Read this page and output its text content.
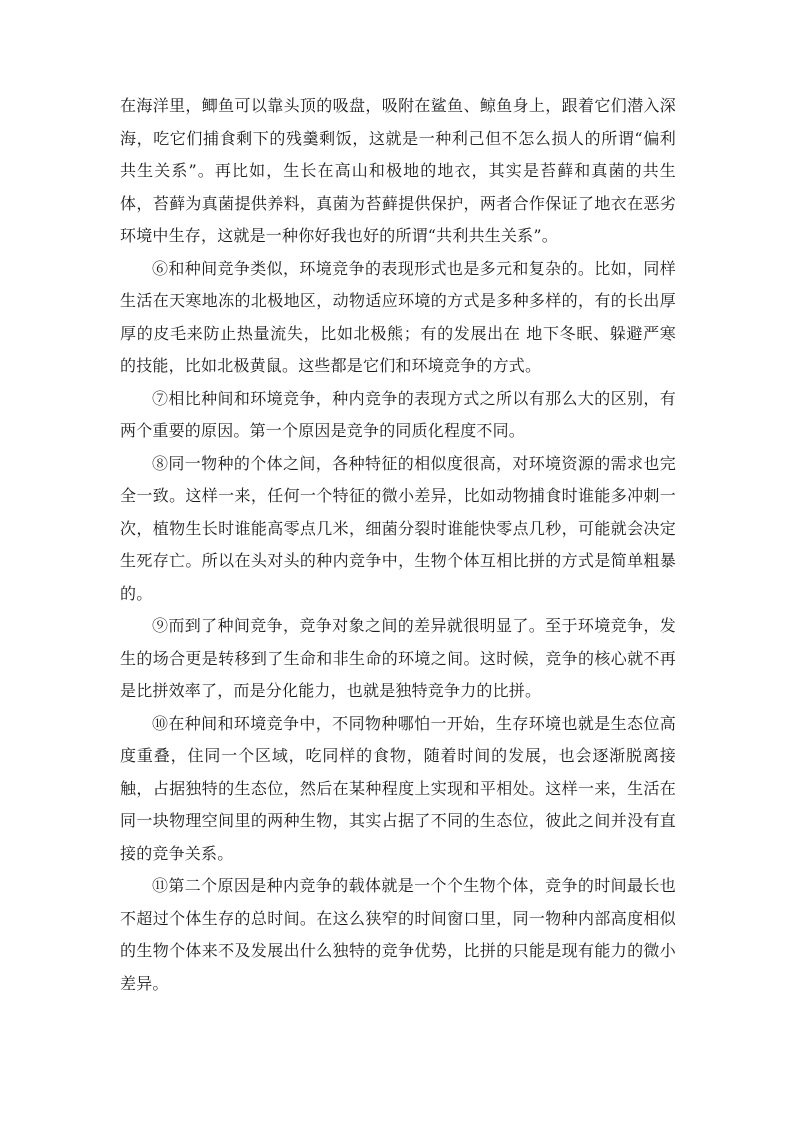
在海洋里，鲫鱼可以靠头顶的吸盘，吸附在鲨鱼、鲸鱼身上，跟着它们潜入深海，吃它们捕食剩下的残羹剩饭，这就是一种利己但不怎么损人的所谓“偏利共生关系”。再比如，生长在高山和极地的地衣，其实是苔藓和真菌的共生体，苔藓为真菌提供养料，真菌为苔藓提供保护，两者合作保证了地衣在恶劣环境中生存，这就是一种你好我也好的所谓“共利共生关系”。

⑥和种间竞争类似，环境竞争的表现形式也是多元和复杂的。比如，同样生活在天寒地冻的北极地区，动物适应环境的方式是多种多样的，有的长出厚厚的皮毛来防止热量流失，比如北极熊；有的发展出在 地下冬眠、躲避严寒的技能，比如北极黄鼠。这些都是它们和环境竞争的方式。

⑦相比种间和环境竞争，种内竞争的表现方式之所以有那么大的区别，有两个重要的原因。第一个原因是竞争的同质化程度不同。

⑧同一物种的个体之间，各种特征的相似度很高，对环境资源的需求也完全一致。这样一来，任何一个特征的微小差异，比如动物捕食时谁能多冲刺一次，植物生长时谁能高零点几米，细菌分裂时谁能快零点几秒，可能就会决定生死存亡。所以在头对头的种内竞争中，生物个体互相比拼的方式是简单粗暴的。

⑨而到了种间竞争，竞争对象之间的差异就很明显了。至于环境竞争，发生的场合更是转移到了生命和非生命的环境之间。这时候，竞争的核心就不再是比拼效率了，而是分化能力，也就是独特竞争力的比拼。

⑩在种间和环境竞争中，不同物种哪怕一开始，生存环境也就是生态位高度重叠，住同一个区域，吃同样的食物，随着时间的发展，也会逐渐脱离接触，占据独特的生态位，然后在某种程度上实现和平相处。这样一来，生活在同一块物理空间里的两种生物，其实占据了不同的生态位，彼此之间并没有直接的竞争关系。

⑪第二个原因是种内竞争的载体就是一个个生物个体，竞争的时间最长也不超过个体生存的总时间。在这么狭窄的时间窗口里，同一物种内部高度相似的生物个体来不及发展出什么独特的竞争优势，比拼的只能是现有能力的微小差异。
